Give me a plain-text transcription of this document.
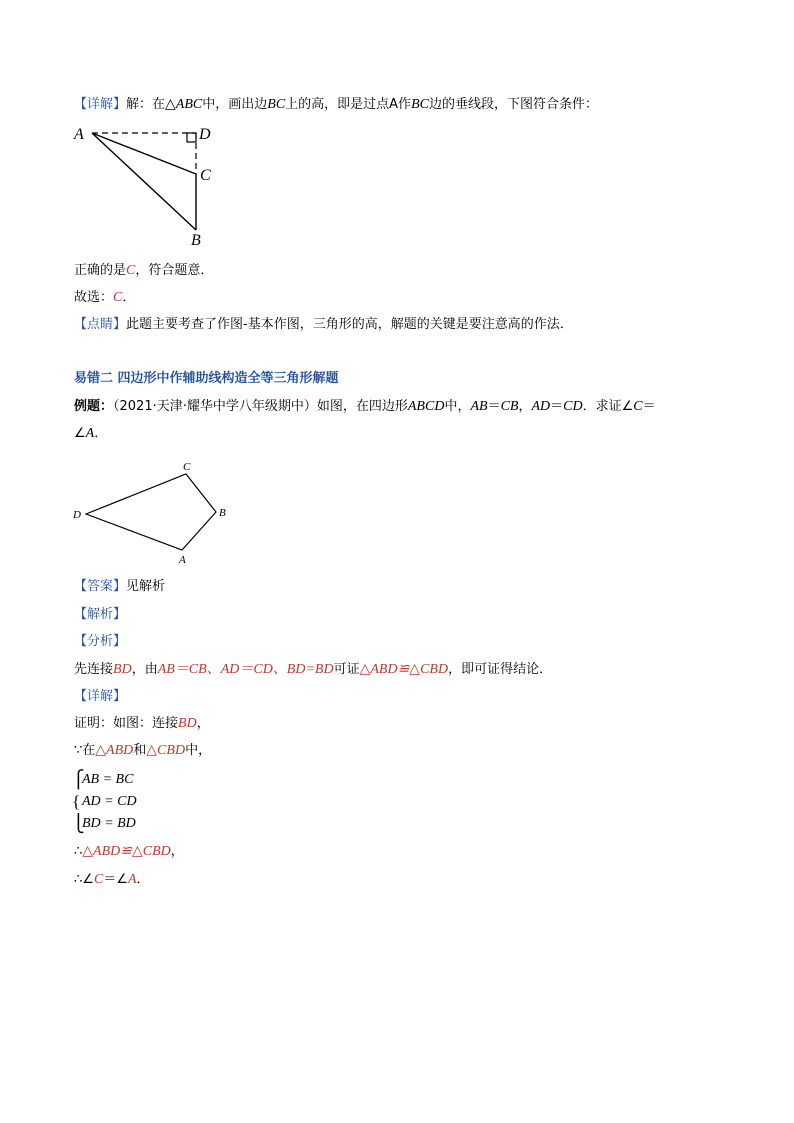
【详解】解：在△ABC中，画出边BC上的高，即是过点A作BC边的垂线段，下图符合条件：
A	D
C
B
正确的是C，符合题意．
故选：C．
【点睛】此题主要考查了作图-基本作图，三角形的高，解题的关键是要注意高的作法．
易错二 四边形中作辅助线构造全等三角形解题
例题：（2021·天津·耀华中学八年级期中）如图，在四边形ABCD中，AB＝CB，AD＝CD．求证∠C＝
∠A．
C
D	B
A
【答案】见解析
【解析】
【分析】
先连接BD，由AB＝CB、AD＝CD、BD=BD可证△ABD≌△CBD，即可证得结论．
【详解】
证明：如图：连接BD，
∵在△ABD和△CBD中，
⎧
{
⎩
AB = BC
AD = CD
BD = BD
∴△ABD≌△CBD，
∴∠C＝∠A．
